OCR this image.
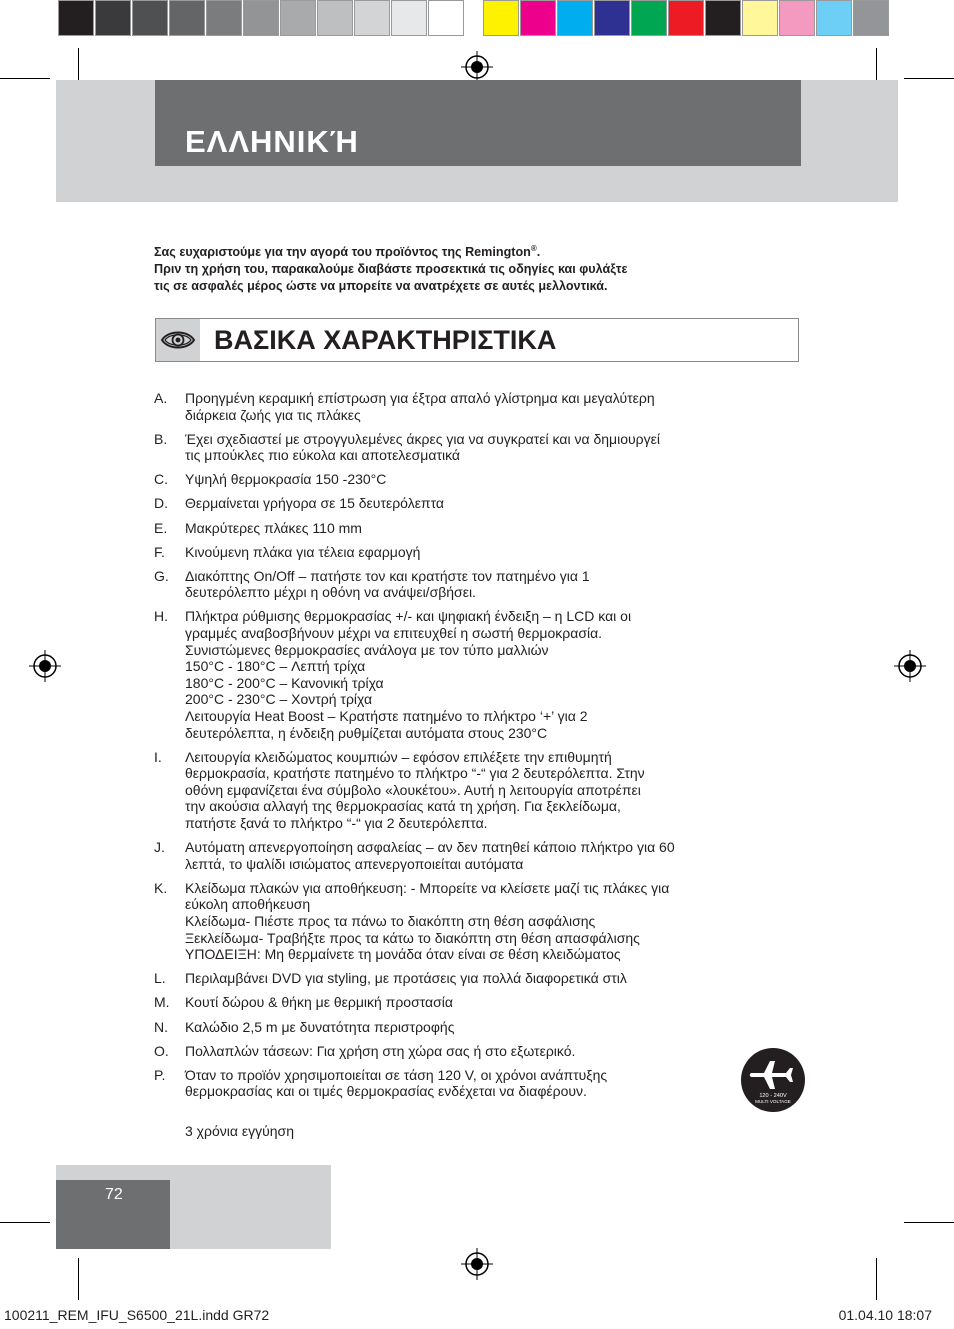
ΕΛΛΗΝΙΚΉ

Σας ευχαριστούμε για την αγορά του προϊόντος της Remington®.

Πριν τη χρήση του, παρακαλούμε διαβάστε προσεκτικά τις οδηγίες και φυλάξτε

τις σε ασφαλές μέρος ώστε να μπορείτε να ανατρέχετε σε αυτές μελλοντικά.

ΒΑΣΙΚΑ ΧΑΡΑΚΤΗΡΙΣΤΙΚΑ
A.	Προηγμένη κεραμική επίστρωση για έξτρα απαλό γλίστρημα και μεγαλύτερη
διάρκεια ζωής για τις πλάκες
B.	Έχει σχεδιαστεί με στρογγυλεμένες άκρες για να συγκρατεί και να δημιουργεί
τις μπούκλες πιο εύκολα και αποτελεσματικά
C.	Υψηλή θερμοκρασία 150 -230°C
D.	Θερμαίνεται γρήγορα σε 15 δευτερόλεπτα
E.	Μακρύτερες πλάκες 110 mm
F.	Κινούμενη πλάκα για τέλεια εφαρμογή
G.	Διακόπτης On/Off – πατήστε τον και κρατήστε τον πατημένο για 1
δευτερόλεπτο μέχρι η οθόνη να ανάψει/σβήσει.
H.	Πλήκτρα ρύθμισης θερμοκρασίας +/- και ψηφιακή ένδειξη – η LCD και οι
γραμμές αναβοσβήνουν μέχρι να επιτευχθεί η σωστή θερμοκρασία.
Συνιστώμενες θερμοκρασίες ανάλογα με τον τύπο μαλλιών
150°C - 180°C – Λεπτή τρίχα
180°C - 200°C – Κανονική τρίχα
200°C - 230°C – Χοντρή τρίχα
Λειτουργία Heat Boost – Κρατήστε πατημένο το πλήκτρο ‘+’ για 2
δευτερόλεπτα, η ένδειξη ρυθμίζεται αυτόματα στους 230°C
I.	Λειτουργία κλειδώματος κουμπιών – εφόσον επιλέξετε την επιθυμητή
θερμοκρασία, κρατήστε πατημένο το πλήκτρο “-“ για 2 δευτερόλεπτα. Στην
οθόνη εμφανίζεται ένα σύμβολο «λουκέτου». Αυτή η λειτουργία αποτρέπει
την ακούσια αλλαγή της θερμοκρασίας κατά τη χρήση. Για ξεκλείδωμα,
πατήστε ξανά το πλήκτρο “-“ για 2 δευτερόλεπτα.
J.	Αυτόματη απενεργοποίηση ασφαλείας – αν δεν πατηθεί κάποιο πλήκτρο για 60
λεπτά, το ψαλίδι ισιώματος απενεργοποιείται αυτόματα
K.	Κλείδωμα πλακών για αποθήκευση: - Μπορείτε να κλείσετε μαζί τις πλάκες για
εύκολη αποθήκευση
Κλείδωμα- Πιέστε προς τα πάνω το διακόπτη στη θέση ασφάλισης
Ξεκλείδωμα- Τραβήξτε προς τα κάτω το διακόπτη στη θέση απασφάλισης
ΥΠΟΔΕΙΞΗ: Μη θερμαίνετε τη μονάδα όταν είναι σε θέση κλειδώματος
L.	Περιλαμβάνει DVD για styling, με προτάσεις για πολλά διαφορετικά στιλ
M.	Κουτί δώρου & θήκη με θερμική προστασία
N.	Καλώδιο 2,5 m με δυνατότητα περιστροφής
O.	Πολλαπλών τάσεων: Για χρήση στη χώρα σας ή στο εξωτερικό.
P.	Όταν το προϊόν χρησιμοποιείται σε τάση 120 V, οι χρόνοι ανάπτυξης
θερμοκρασίας και οι τιμές θερμοκρασίας ενδέχεται να διαφέρουν.

3 χρόνια εγγύηση

120 - 240V
MULTI VOLTAGE

72

100211_REM_IFU_S6500_21L.indd GR72	01.04.10 18:07
